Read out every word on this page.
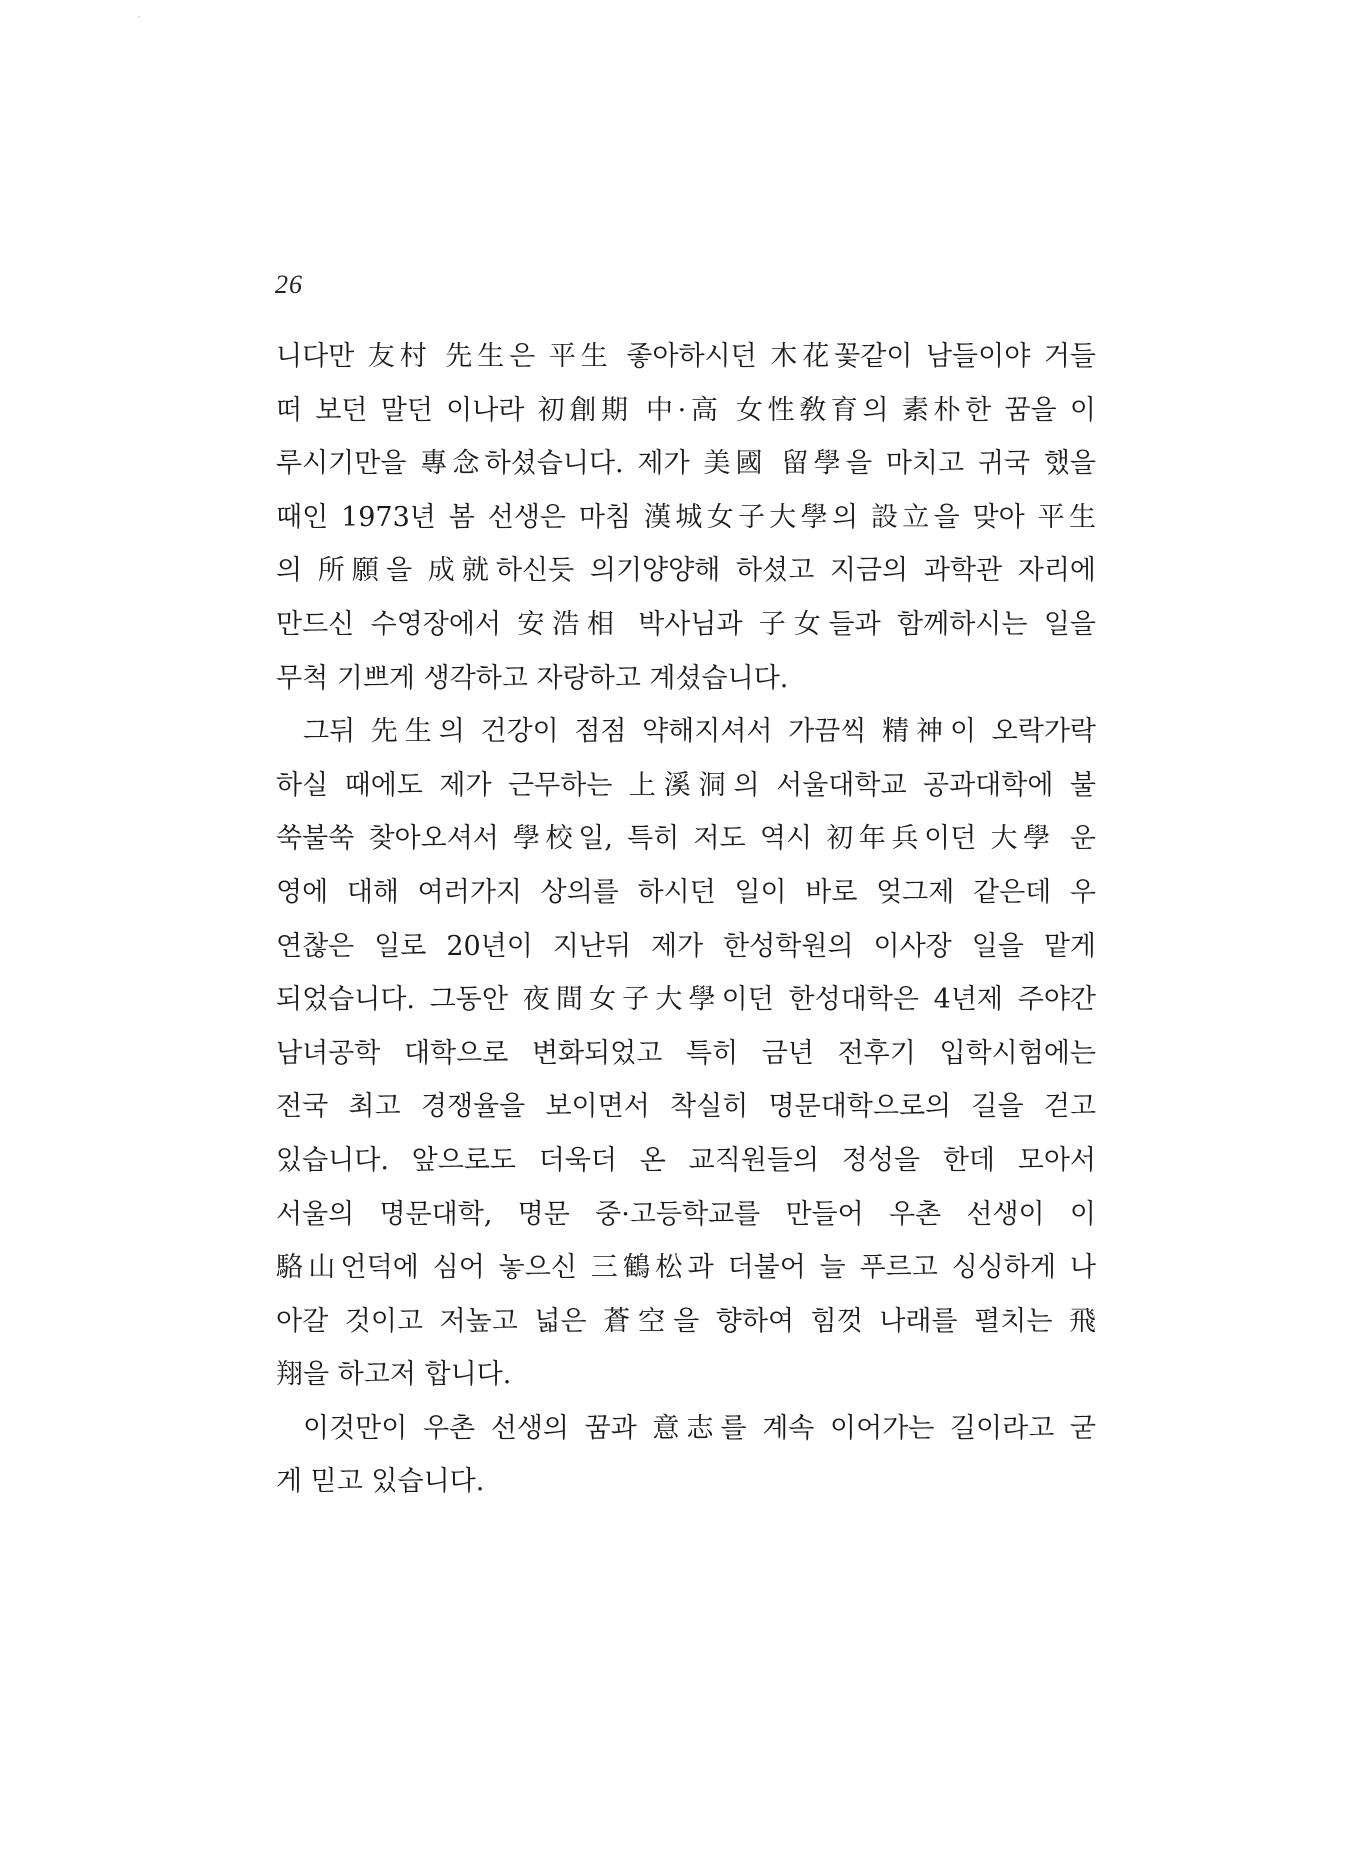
26
니다만 友村 先生은 平生 좋아하시던 木花꽃같이 남들이야 거들
떠 보던 말던 이나라 初創期 中·高 女性敎育의 素朴한 꿈을 이
루시기만을 專念하셨습니다. 제가 美國 留學을 마치고 귀국 했을
때인 1973년 봄 선생은 마침 漢城女子大學의 設立을 맞아 平生
의 所願을 成就하신듯 의기양양해 하셨고 지금의 과학관 자리에
만드신 수영장에서 安浩相 박사님과 子女들과 함께하시는 일을
무척 기쁘게 생각하고 자랑하고 계셨습니다.
그뒤 先生의 건강이 점점 약해지셔서 가끔씩 精神이 오락가락
하실 때에도 제가 근무하는 上溪洞의 서울대학교 공과대학에 불
쑥불쑥 찾아오셔서 學校일, 특히 저도 역시 初年兵이던 大學 운
영에 대해 여러가지 상의를 하시던 일이 바로 엊그제 같은데 우
연찮은 일로 20년이 지난뒤 제가 한성학원의 이사장 일을 맡게
되었습니다. 그동안 夜間女子大學이던 한성대학은 4년제 주야간
남녀공학 대학으로 변화되었고 특히 금년 전후기 입학시험에는
전국 최고 경쟁율을 보이면서 착실히 명문대학으로의 길을 걷고
있습니다. 앞으로도 더욱더 온 교직원들의 정성을 한데 모아서
서울의 명문대학, 명문 중·고등학교를 만들어 우촌 선생이 이
駱山언덕에 심어 놓으신 三鶴松과 더불어 늘 푸르고 싱싱하게 나
아갈 것이고 저높고 넓은 蒼空을 향하여 힘껏 나래를 펼치는 飛
翔을 하고저 합니다.
이것만이 우촌 선생의 꿈과 意志를 계속 이어가는 길이라고 굳
게 믿고 있습니다.
